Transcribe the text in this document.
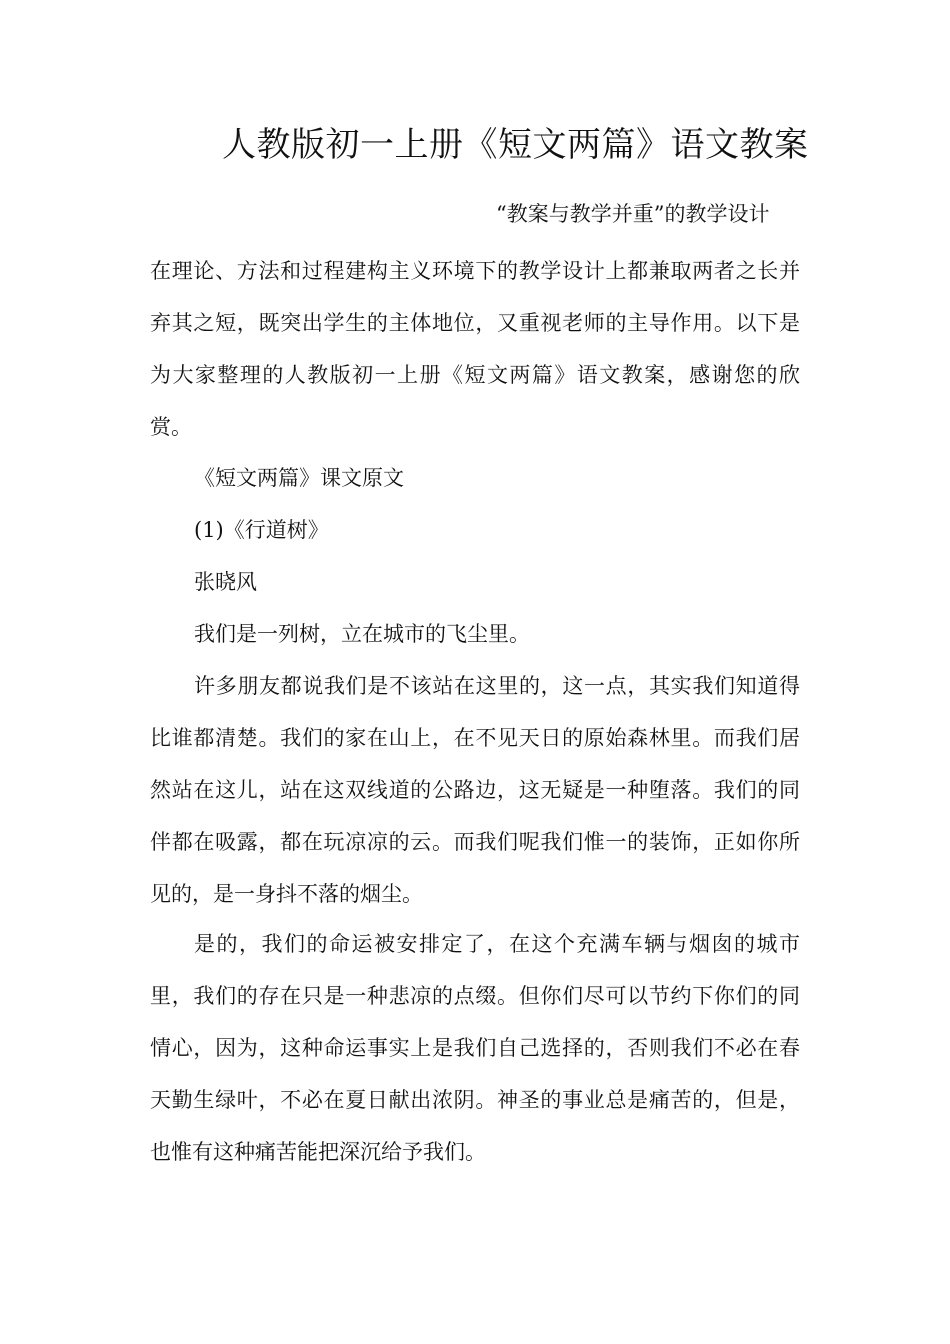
人教版初一上册《短文两篇》语文教案
“教案与教学并重”的教学设计

在理论、方法和过程建构主义环境下的教学设计上都兼取两者之长并弃其之短，既突出学生的主体地位，又重视老师的主导作用。以下是为大家整理的人教版初一上册《短文两篇》语文教案，感谢您的欣赏。

《短文两篇》课文原文

(1)《行道树》

张晓风

我们是一列树，立在城市的飞尘里。

许多朋友都说我们是不该站在这里的，这一点，其实我们知道得比谁都清楚。我们的家在山上，在不见天日的原始森林里。而我们居然站在这儿，站在这双线道的公路边，这无疑是一种堕落。我们的同伴都在吸露，都在玩凉凉的云。而我们呢我们惟一的装饰，正如你所见的，是一身抖不落的烟尘。

是的，我们的命运被安排定了，在这个充满车辆与烟囱的城市里，我们的存在只是一种悲凉的点缀。但你们尽可以节约下你们的同情心，因为，这种命运事实上是我们自己选择的，否则我们不必在春天勤生绿叶，不必在夏日献出浓阴。神圣的事业总是痛苦的，但是，也惟有这种痛苦能把深沉给予我们。
